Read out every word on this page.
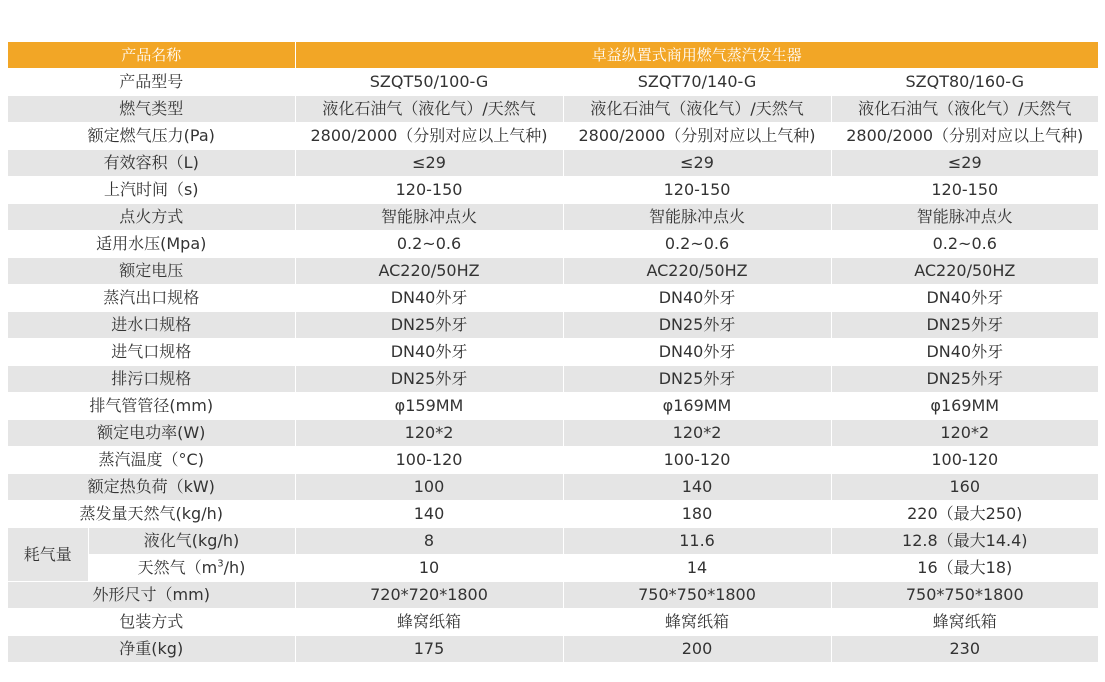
产品名称		卓益纵置式商用燃气蒸汽发生器		
产品型号		SZQT50/100-G	SZQT70/140-G	SZQT80/160-G
燃气类型		液化石油气（液化气）/天然气	液化石油气（液化气）/天然气	液化石油气（液化气）/天然气
额定燃气压力(Pa)		2800/2000（分别对应以上气种)	2800/2000（分别对应以上气种)	2800/2000（分别对应以上气种)
有效容积（L)		≤29	≤29	≤29
上汽时间（s)		120-150	120-150	120-150
点火方式		智能脉冲点火	智能脉冲点火	智能脉冲点火
适用水压(Mpa)		0.2~0.6	0.2~0.6	0.2~0.6
额定电压		AC220/50HZ	AC220/50HZ	AC220/50HZ
蒸汽出口规格		DN40外牙	DN40外牙	DN40外牙
进水口规格		DN25外牙	DN25外牙	DN25外牙
进气口规格		DN40外牙	DN40外牙	DN40外牙
排污口规格		DN25外牙	DN25外牙	DN25外牙
排气管管径(mm)		φ159MM	φ169MM	φ169MM
额定电功率(W)		120*2	120*2	120*2
蒸汽温度（°C)		100-120	100-120	100-120
额定热负荷（kW)		100	140	160
蒸发量天然气(kg/h)		140	180	220（最大250)
耗气量	液化气(kg/h)	8	11.6	12.8（最大14.4)
	天然气$(m^3/h)$	10	14	16（最大18)
外形尺寸（mm)		720*720*1800	750*750*1800	750*750*1800
包装方式		蜂窝纸箱	蜂窝纸箱	蜂窝纸箱
净重(kg)		175	200	230
